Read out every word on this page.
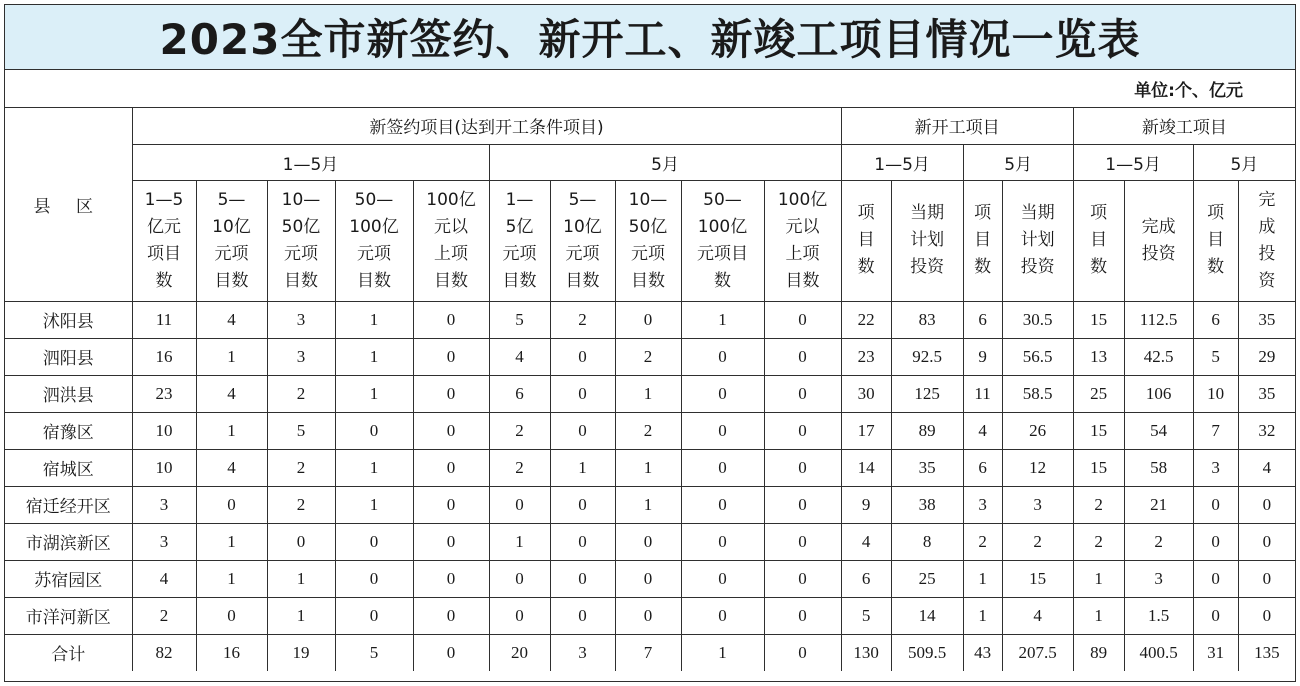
2023全市新签约、新开工、新竣工项目情况一览表
单位:个、亿元
县 区	新签约项目(达到开工条件项目)										新开工项目				新竣工项目			
	1—5月					5月					1—5月		5月		1—5月		5月	
	1—5
亿元
项目
数	5—
10亿
元项
目数	10—
50亿
元项
目数	50—
100亿
元项
目数	100亿
元以
上项
目数	1—
5亿
元项
目数	5—
10亿
元项
目数	10—
50亿
元项
目数	50—
100亿
元项目
数	100亿
元以
上项
目数	项
目
数	当期
计划
投资	项
目
数	当期
计划
投资	项
目
数	完成
投资	项
目
数	完
成
投
资
沭阳县	11	4	3	1	0	5	2	0	1	0	22	83	6	30.5	15	112.5	6	35
泗阳县	16	1	3	1	0	4	0	2	0	0	23	92.5	9	56.5	13	42.5	5	29
泗洪县	23	4	2	1	0	6	0	1	0	0	30	125	11	58.5	25	106	10	35
宿豫区	10	1	5	0	0	2	0	2	0	0	17	89	4	26	15	54	7	32
宿城区	10	4	2	1	0	2	1	1	0	0	14	35	6	12	15	58	3	4
宿迁经开区	3	0	2	1	0	0	0	1	0	0	9	38	3	3	2	21	0	0
市湖滨新区	3	1	0	0	0	1	0	0	0	0	4	8	2	2	2	2	0	0
苏宿园区	4	1	1	0	0	0	0	0	0	0	6	25	1	15	1	3	0	0
市洋河新区	2	0	1	0	0	0	0	0	0	0	5	14	1	4	1	1.5	0	0
合计	82	16	19	5	0	20	3	7	1	0	130	509.5	43	207.5	89	400.5	31	135
